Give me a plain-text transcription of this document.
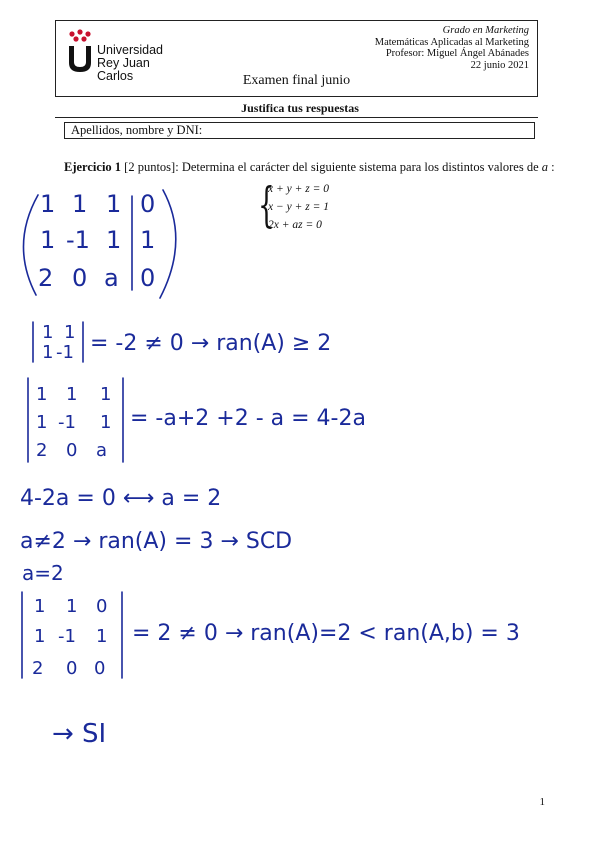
Universidad
Rey Juan Carlos
Grado en Marketing
Matemáticas Aplicadas al Marketing
Profesor: Miguel Ángel Abánades
22 junio 2021
Examen final junio
Justifica tus respuestas
Apellidos, nombre y DNI:
Ejercicio 1 [2 puntos]: Determina el carácter del siguiente sistema para los distintos valores de a :
{
x + y + z = 0
x − y + z = 1
2x + az = 0
1 1 1 0
1 -1 1 1
2 0 a 0
1 1
1 -1 = -2 ≠ 0 → ran(A) ≥ 2
1 1 1
1 -1 1
2 0 a
= -a+2 +2 - a = 4-2a
4-2a = 0 ⟷ a = 2
a≠2 → ran(A) = 3 → SCD
a=2
1 1 0
1 -1 1
2 0 0
= 2 ≠ 0 → ran(A)=2 < ran(A,b) = 3
→ SI
1
